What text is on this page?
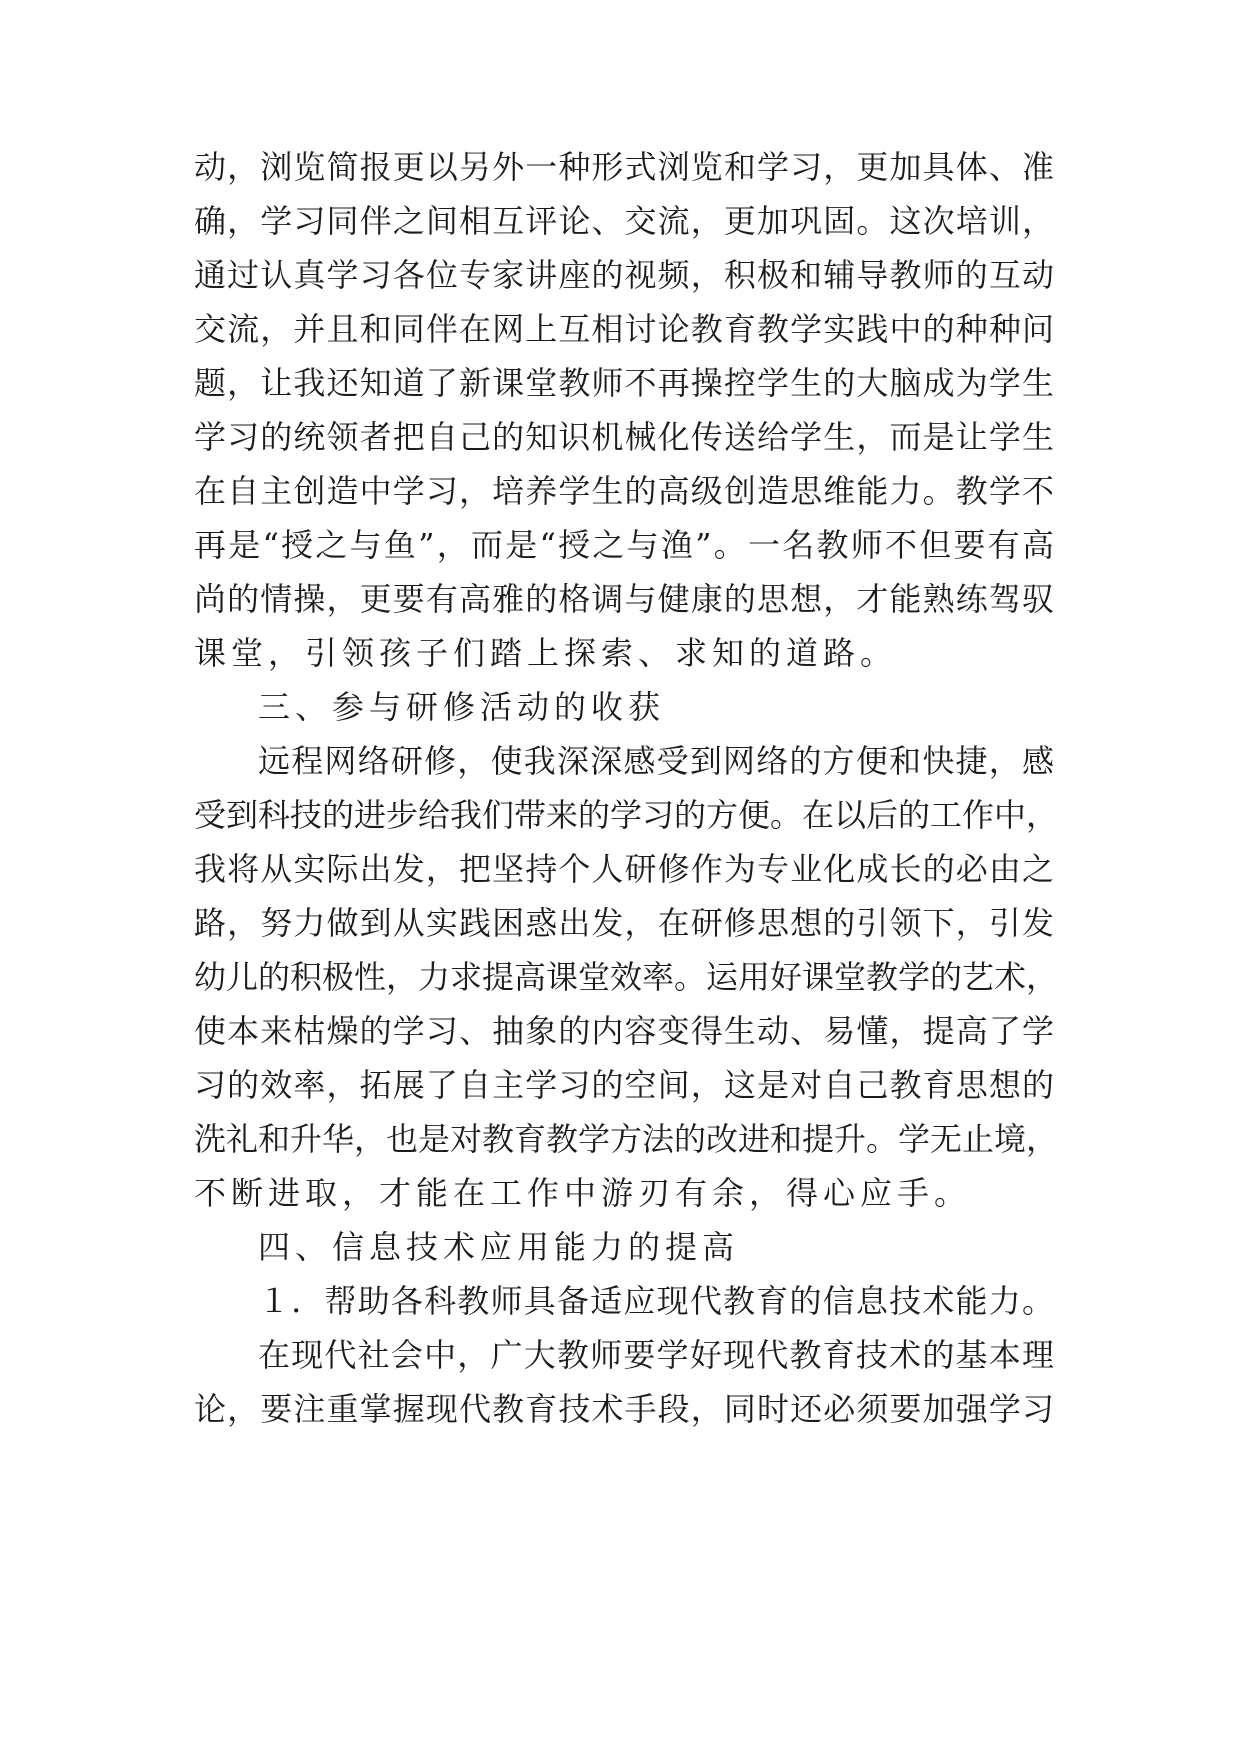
动，浏览简报更以另外一种形式浏览和学习，更加具体、准
确，学习同伴之间相互评论、交流，更加巩固。这次培训，
通过认真学习各位专家讲座的视频，积极和辅导教师的互动
交流，并且和同伴在网上互相讨论教育教学实践中的种种问
题，让我还知道了新课堂教师不再操控学生的大脑成为学生
学习的统领者把自己的知识机械化传送给学生，而是让学生
在自主创造中学习，培养学生的高级创造思维能力。教学不
再是“授之与鱼”，而是“授之与渔”。一名教师不但要有高
尚的情操，更要有高雅的格调与健康的思想，才能熟练驾驭
课堂，引领孩子们踏上探索、求知的道路。
三、参与研修活动的收获
远程网络研修，使我深深感受到网络的方便和快捷，感
受到科技的进步给我们带来的学习的方便。在以后的工作中，
我将从实际出发，把坚持个人研修作为专业化成长的必由之
路，努力做到从实践困惑出发，在研修思想的引领下，引发
幼儿的积极性，力求提高课堂效率。运用好课堂教学的艺术，
使本来枯燥的学习、抽象的内容变得生动、易懂，提高了学
习的效率，拓展了自主学习的空间，这是对自己教育思想的
洗礼和升华，也是对教育教学方法的改进和提升。学无止境，
不断进取，才能在工作中游刃有余，得心应手。
四、信息技术应用能力的提高
１．帮助各科教师具备适应现代教育的信息技术能力。
在现代社会中，广大教师要学好现代教育技术的基本理
论，要注重掌握现代教育技术手段，同时还必须要加强学习
